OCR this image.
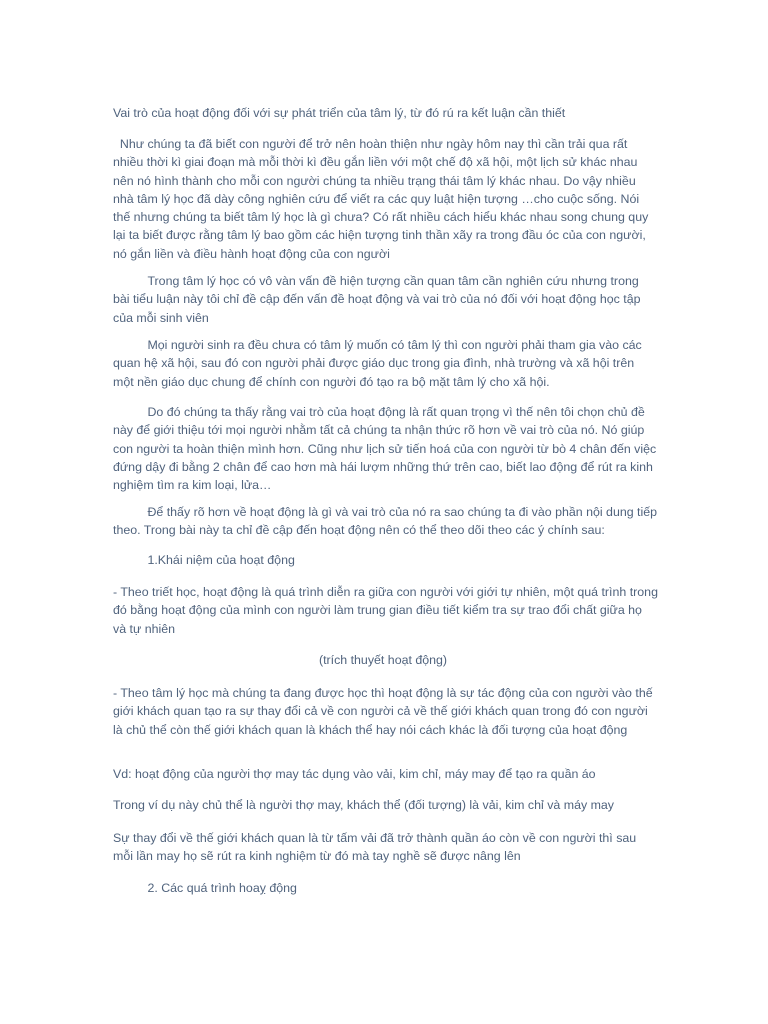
Vai trò của hoạt động đối với sự phát triển của tâm lý, từ đó rú ra kết luận cần thiết

Như chúng ta đã biết con người để trở nên hoàn thiện như ngày hôm nay thì cần trải qua rất nhiều thời kì giai đoạn mà mỗi thời kì đều gắn liền với một chế độ xã hội, một lịch sử khác nhau nên nó hình thành cho mỗi con người chúng ta nhiều trạng thái tâm lý khác nhau. Do vậy nhiều nhà tâm lý học đã dày công nghiên cứu để viết ra các quy luật hiện tượng …cho cuộc sống. Nói thế nhưng chúng ta biết tâm lý học là gì chưa? Có rất nhiều cách hiểu khác nhau song chung quy lại ta biết được rằng tâm lý bao gồm các hiện tượng tinh thần xãy ra trong đầu óc của con người, nó gắn liền và điều hành hoạt động của con người

Trong tâm lý học có vô vàn vấn đề hiện tượng cần quan tâm cần nghiên cứu nhưng trong bài tiểu luận này tôi chỉ đề cập đến vấn đề hoạt động và vai trò của nó đối với hoạt động học tập của mỗi sinh viên

Mọi người sinh ra đều chưa có tâm lý muốn có tâm lý thì con người phải tham gia vào các quan hệ xã hội, sau đó con người phải được giáo dục trong gia đình, nhà trường và xã hội trên một nền giáo dục chung để chính con người đó tạo ra bộ mặt tâm lý cho xã hội.

Do đó chúng ta thấy rằng vai trò của hoạt động là rất quan trọng vì thế nên tôi chọn chủ đề này để giới thiệu tới mọi người nhằm tất cả chúng ta nhận thức rõ hơn về vai trò của nó. Nó giúp con người ta hoàn thiện mình hơn. Cũng như lịch sử tiến hoá của con người từ bò 4 chân đến việc đứng dậy đi bằng 2 chân để cao hơn mà hái lượm những thứ trên cao, biết lao động để rút ra kinh nghiệm tìm ra kim loại, lửa…

Để thấy rõ hơn về hoạt động là gì và vai trò của nó ra sao chúng ta đi vào phần nội dung tiếp theo. Trong bài này ta chỉ đề cập đến hoạt động nên có thể theo dõi theo các ý chính sau:

1.Khái niệm của hoạt động

- Theo triết học, hoạt động là quá trình diễn ra giữa con người với giới tự nhiên, một quá trình trong đó bằng hoạt động của mình con người làm trung gian điều tiết kiểm tra sự trao đổi chất giữa họ và tự nhiên

(trích thuyết hoạt động)

- Theo tâm lý học mà chúng ta đang được học thì hoạt động là sự tác động của con người vào thế giới khách quan tạo ra sự thay đổi cả về con người cả về thế giới khách quan trong đó con người là chủ thể còn thế giới khách quan là khách thể hay nói cách khác là đối tượng của hoạt động

Vd: hoạt động của người thợ may tác dụng vào vải, kim chỉ, máy may để tạo ra quần áo

Trong ví dụ này chủ thể là người thợ may, khách thể (đối tượng) là vải, kim chỉ và máy may

Sự thay đổi về thế giới khách quan là từ tấm vải đã trở thành quần áo còn về con người thì sau mỗi lần may họ sẽ rút ra kinh nghiệm từ đó mà tay nghề sẽ được nâng lên

2. Các quá trình hoaỵ động
